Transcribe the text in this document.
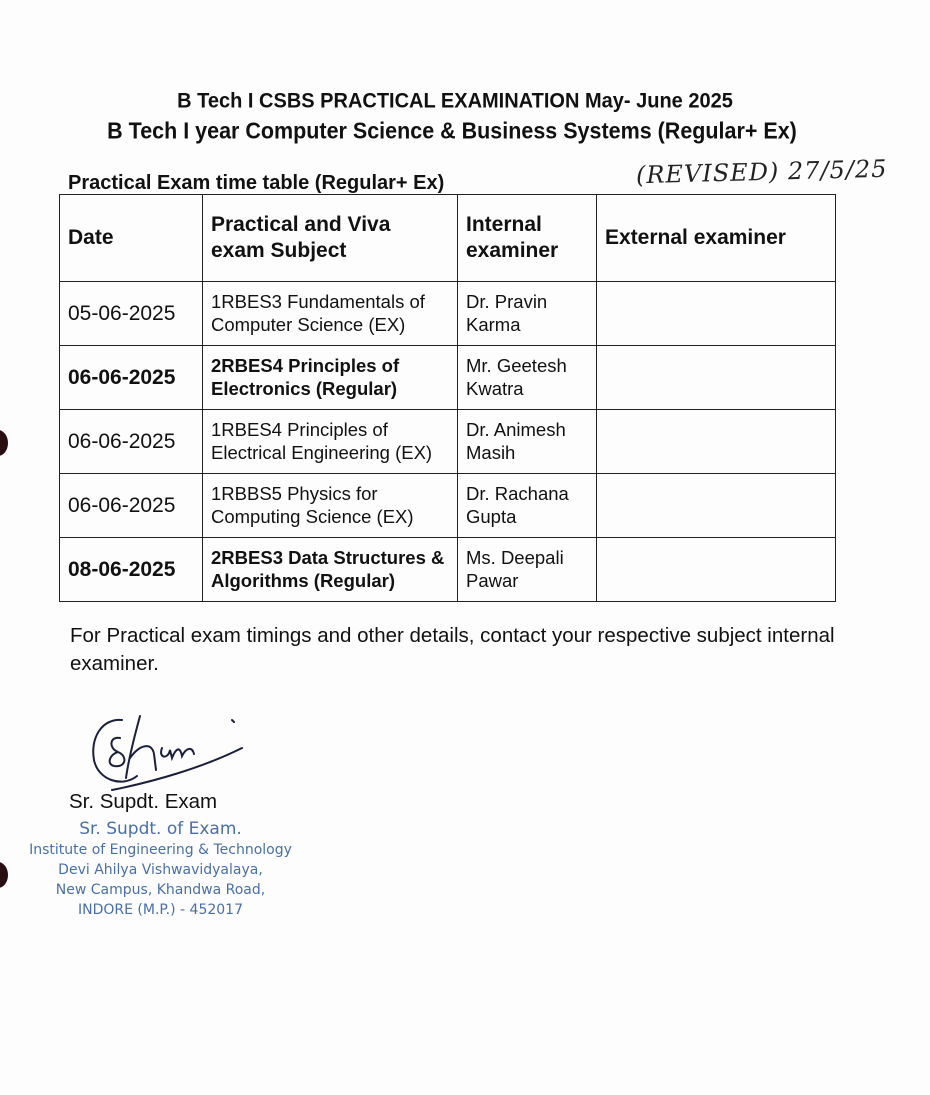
B Tech I CSBS PRACTICAL EXAMINATION May- June 2025
B Tech I year Computer Science & Business Systems (Regular+ Ex)
Practical Exam time table (Regular+ Ex)	(REVISED) 27/5/25
Date	Practical and Viva exam Subject	Internal examiner	External examiner
05-06-2025	1RBES3 Fundamentals of Computer Science (EX)	Dr. Pravin Karma	
06-06-2025	2RBES4 Principles of Electronics (Regular)	Mr. Geetesh Kwatra	
06-06-2025	1RBES4 Principles of Electrical Engineering (EX)	Dr. Animesh Masih	
06-06-2025	1RBBS5 Physics for Computing Science (EX)	Dr. Rachana Gupta	
08-06-2025	2RBES3 Data Structures & Algorithms (Regular)	Ms. Deepali Pawar	
For Practical exam timings and other details, contact your respective subject internal examiner.
Sr. Supdt. Exam
Sr. Supdt. of Exam.
Institute of Engineering & Technology
Devi Ahilya Vishwavidyalaya,
New Campus, Khandwa Road,
INDORE (M.P.) - 452017
